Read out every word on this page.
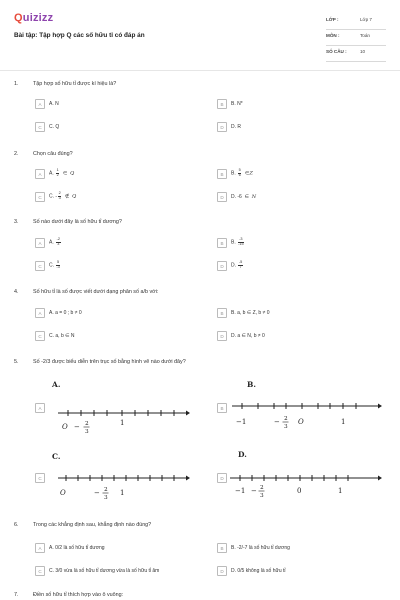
Quizizz
Bài tập: Tập hợp Q các số hữu tỉ có đáp án
LỚP :	Lớp 7
MÔN :	Toán
SỐ CÂU :	10
1.	Tập hợp số hữu tỉ được kí hiệu là?
A	A. N	B	B. N*
C	C. Q	D	D. R
2.	Chọn câu đúng?
A	A. $\frac{1}{2}$ ∈ Q	B	B. $\frac{5}{6}$ ∈Z
C	C. - $\frac{2}{3}$ ∉ Q	D	D. -6 ∈ N
3.	Số nào dưới đây là số hữu tỉ dương?
A	A. $\frac{-2}{3}$	B	B. $\frac{-3}{-15}$
C	C. $\frac{5}{-3}$	D	D. $\frac{-5}{7}$
4.	Số hữu tỉ là số được viết dưới dạng phân số a/b với:
A	A. a = 0 ; b ≠ 0	B	B. a, b ∈ Z, b ≠ 0
C	C. a, b ∈ N	D	D. a ∈ N, b ≠ 0
5.	Số -2/3 được biểu diễn trên trục số bằng hình vẽ nào dưới đây?
A.
A
O − 2
3
1
B.
B
−1	− 2
3
O	1
C.
C
O	− 2
3
1
D.
D
−1 − 2
3
0	1
6.	Trong các khẳng định sau, khẳng định nào đúng?
A	A. 0/2 là số hữu tỉ dương	B	B. -2/-7 là số hữu tỉ dương
C	C. 3/0 vừa là số hữu tỉ dương vừa là số hữu tỉ âm	D	D. 0/5 không là số hữu tỉ
7.	Điền số hữu tỉ thích hợp vào ô vuông:
